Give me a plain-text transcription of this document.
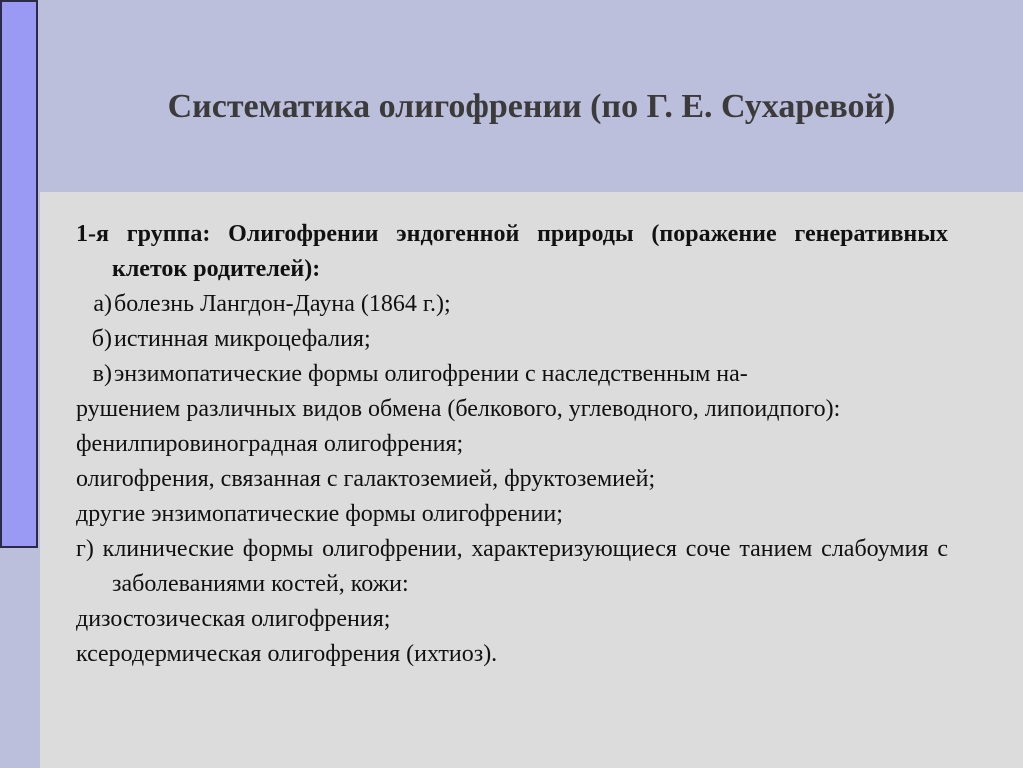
Систематика олигофрении (по Г. Е. Сухаревой)

1-я группа: Олигофрении эндогенной природы (поражение генеративных клеток родителей):

а) болезнь Лангдон-Дауна (1864 г.);
б) истинная микроцефалия;
в) энзимопатические формы олигофрении с наследственным на-

рушением различных видов обмена (белкового, углеводного, липоидпого):

фенилпировиноградная олигофрения;

олигофрения, связанная с галактоземией, фруктоземией;

другие энзимопатические формы олигофрении;

г) клинические формы олигофрении, характеризующиеся соче танием слабоумия с заболеваниями костей, кожи:

дизостозическая олигофрения;

ксеродермическая олигофрения (ихтиоз).
